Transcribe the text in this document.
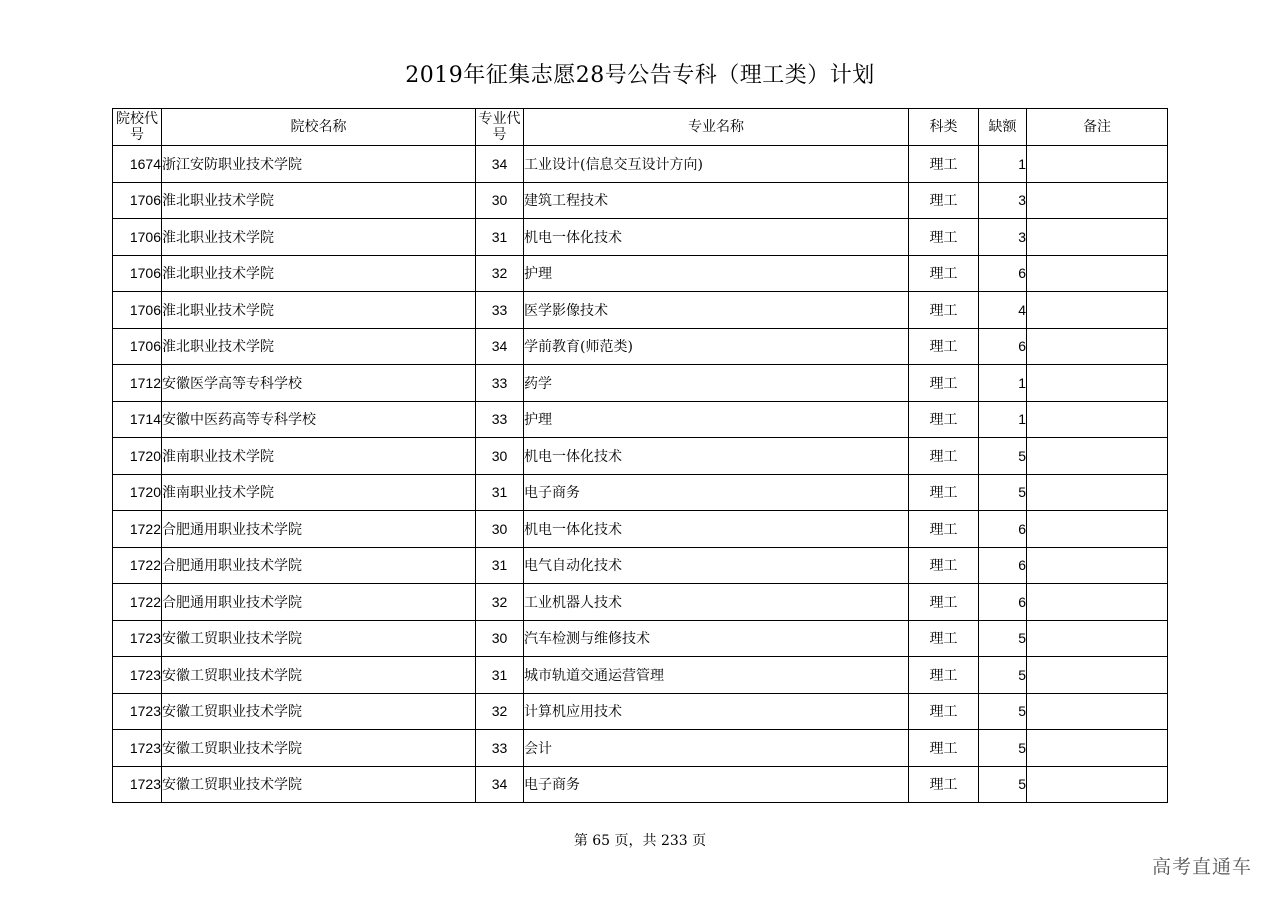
2019年征集志愿28号公告专科（理工类）计划
院校代号	院校名称	专业代号	专业名称	科类	缺额	备注
1674	浙江安防职业技术学院	34	工业设计(信息交互设计方向)	理工	1	
1706	淮北职业技术学院	30	建筑工程技术	理工	3	
1706	淮北职业技术学院	31	机电一体化技术	理工	3	
1706	淮北职业技术学院	32	护理	理工	6	
1706	淮北职业技术学院	33	医学影像技术	理工	4	
1706	淮北职业技术学院	34	学前教育(师范类)	理工	6	
1712	安徽医学高等专科学校	33	药学	理工	1	
1714	安徽中医药高等专科学校	33	护理	理工	1	
1720	淮南职业技术学院	30	机电一体化技术	理工	5	
1720	淮南职业技术学院	31	电子商务	理工	5	
1722	合肥通用职业技术学院	30	机电一体化技术	理工	6	
1722	合肥通用职业技术学院	31	电气自动化技术	理工	6	
1722	合肥通用职业技术学院	32	工业机器人技术	理工	6	
1723	安徽工贸职业技术学院	30	汽车检测与维修技术	理工	5	
1723	安徽工贸职业技术学院	31	城市轨道交通运营管理	理工	5	
1723	安徽工贸职业技术学院	32	计算机应用技术	理工	5	
1723	安徽工贸职业技术学院	33	会计	理工	5	
1723	安徽工贸职业技术学院	34	电子商务	理工	5	
第 65 页，共 233 页
高考直通车
